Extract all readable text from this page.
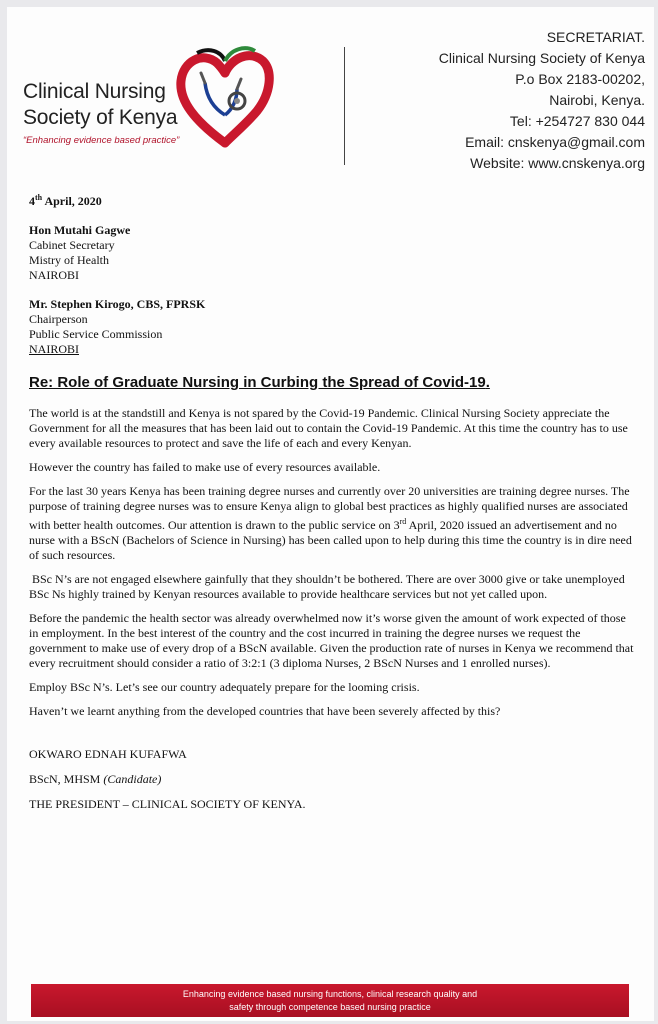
Clinical Nursing
Society of Kenya
“Enhancing evidence based practice”
SECRETARIAT.
Clinical Nursing Society of Kenya
P.o Box 2183-00202,
Nairobi, Kenya.
Tel: +254727 830 044
Email: cnskenya@gmail.com
Website: www.cnskenya.org
4th April, 2020
Hon Mutahi Gagwe
Cabinet Secretary
Mistry of Health
NAIROBI
Mr. Stephen Kirogo, CBS, FPRSK
Chairperson
Public Service Commission
NAIROBI
Re: Role of Graduate Nursing in Curbing the Spread of Covid-19.

The world is at the standstill and Kenya is not spared by the Covid-19 Pandemic. Clinical Nursing Society appreciate the Government for all the measures that has been laid out to contain the Covid-19 Pandemic. At this time the country has to use every available resources to protect and save the life of each and every Kenyan.

However the country has failed to make use of every resources available.

For the last 30 years Kenya has been training degree nurses and currently over 20 universities are training degree nurses. The purpose of training degree nurses was to ensure Kenya align to global best practices as highly qualified nurses are associated with better health outcomes. Our attention is drawn to the public service on 3rd April, 2020 issued an advertisement and no nurse with a BScN (Bachelors of Science in Nursing) has been called upon to help during this time the country is in dire need of such resources.

BSc N’s are not engaged elsewhere gainfully that they shouldn’t be bothered. There are over 3000 give or take unemployed BSc Ns highly trained by Kenyan resources available to provide healthcare services but not yet called upon.

Before the pandemic the health sector was already overwhelmed now it’s worse given the amount of work expected of those in employment. In the best interest of the country and the cost incurred in training the degree nurses we request the government to make use of every drop of a BScN available. Given the production rate of nurses in Kenya we recommend that every recruitment should consider a ratio of 3:2:1 (3 diploma Nurses, 2 BScN Nurses and 1 enrolled nurses).

Employ BSc N’s. Let’s see our country adequately prepare for the looming crisis.

Haven’t we learnt anything from the developed countries that have been severely affected by this?

OKWARO EDNAH KUFAFWA
BScN, MHSM (Candidate)
THE PRESIDENT – CLINICAL SOCIETY OF KENYA.
Enhancing evidence based nursing functions, clinical research quality and
safety through competence based nursing practice
